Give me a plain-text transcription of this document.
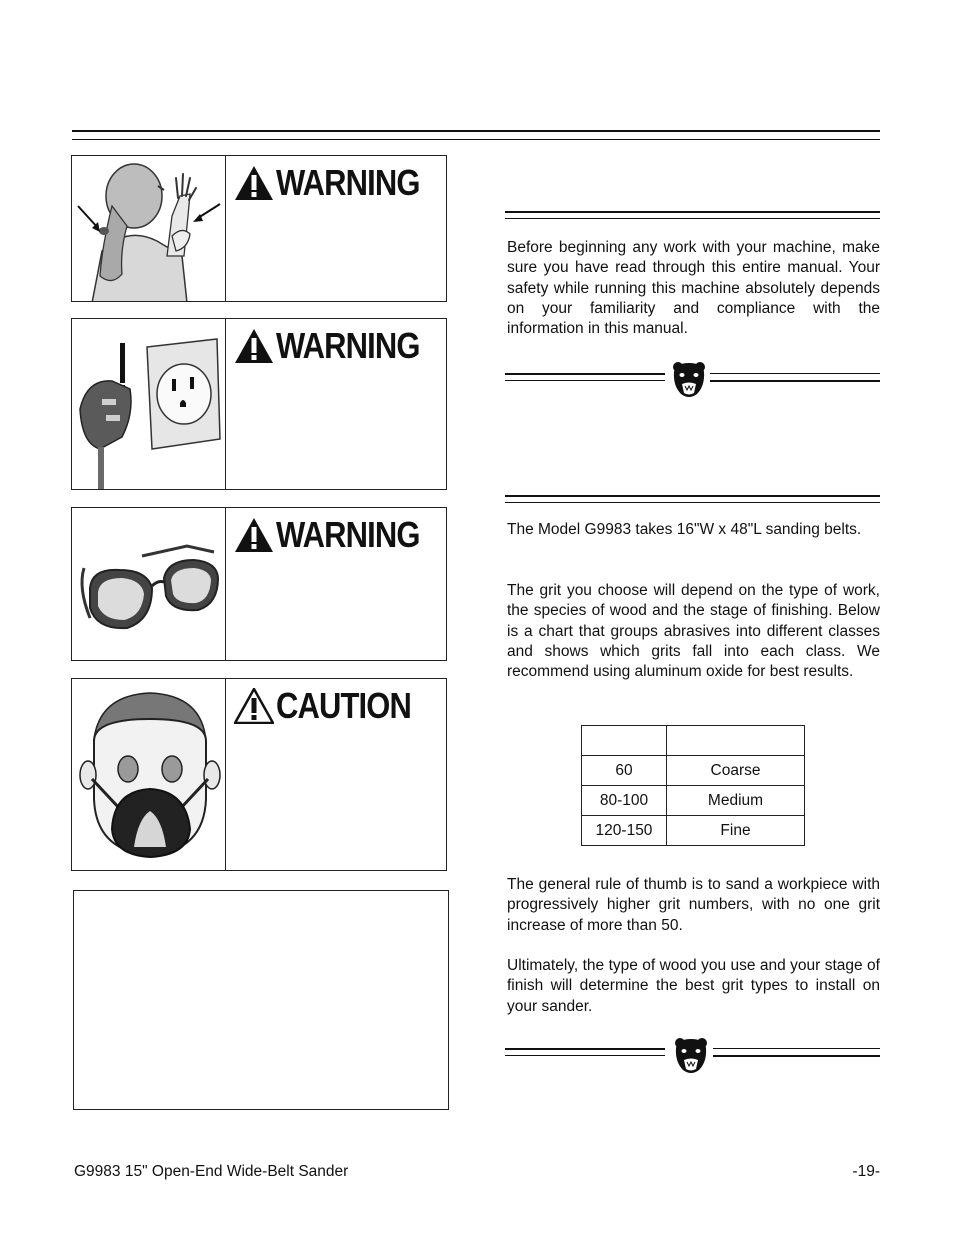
WARNING
WARNING
WARNING
CAUTION
Before beginning any work with your machine, make sure you have read through this entire manual. Your safety while running this machine absolutely depends on your familiarity and compliance with the information in this manual.
The Model G9983 takes 16"W x 48"L sanding belts.
The grit you choose will depend on the type of work, the species of wood and the stage of finishing. Below is a chart that groups abrasives into different classes and shows which grits fall into each class. We recommend using aluminum oxide for best results.

60	Coarse
80-100	Medium
120-150	Fine
The general rule of thumb is to sand a workpiece with progressively higher grit numbers, with no one grit increase of more than 50.
Ultimately, the type of wood you use and your stage of finish will determine the best grit types to install on your sander.
G9983 15" Open-End Wide-Belt Sander	-19-
